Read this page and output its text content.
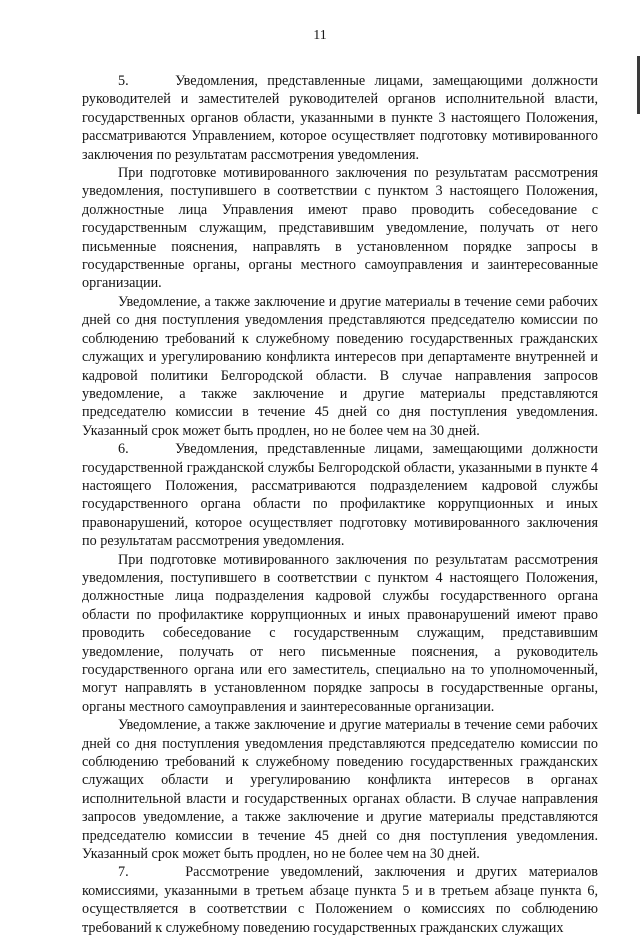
11

5.     Уведомления, представленные лицами, замещающими должности руководителей и заместителей руководителей органов исполнительной власти, государственных органов области, указанными в пункте 3 настоящего Положения, рассматриваются Управлением, которое осуществляет подготовку мотивированного заключения по результатам рассмотрения уведомления.

При подготовке мотивированного заключения по результатам рассмотрения уведомления, поступившего в соответствии с пунктом 3 настоящего Положения, должностные лица Управления имеют право проводить собеседование с государственным служащим, представившим уведомление, получать от него письменные пояснения, направлять в установленном порядке запросы в государственные органы, органы местного самоуправления и заинтересованные организации.

Уведомление, а также заключение и другие материалы в течение семи рабочих дней со дня поступления уведомления представляются председателю комиссии по соблюдению требований к служебному поведению государственных гражданских служащих и урегулированию конфликта интересов при департаменте внутренней и кадровой политики Белгородской области. В случае направления запросов уведомление, а также заключение и другие материалы представляются председателю комиссии в течение 45 дней со дня поступления уведомления. Указанный срок может быть продлен, но не более чем на 30 дней.

6.     Уведомления, представленные лицами, замещающими должности государственной гражданской службы Белгородской области, указанными в пункте 4 настоящего Положения, рассматриваются подразделением кадровой службы государственного органа области по профилактике коррупционных и иных правонарушений, которое осуществляет подготовку мотивированного заключения по результатам рассмотрения уведомления.

При подготовке мотивированного заключения по результатам рассмотрения уведомления, поступившего в соответствии с пунктом 4 настоящего Положения, должностные лица подразделения кадровой службы государственного органа области по профилактике коррупционных и иных правонарушений имеют право проводить собеседование с государственным служащим, представившим уведомление, получать от него письменные пояснения, а руководитель государственного органа или его заместитель, специально на то уполномоченный, могут направлять в установленном порядке запросы в государственные органы, органы местного самоуправления и заинтересованные организации.

Уведомление, а также заключение и другие материалы в течение семи рабочих дней со дня поступления уведомления представляются председателю комиссии по соблюдению требований к служебному поведению государственных гражданских служащих области и урегулированию конфликта интересов в органах исполнительной власти и государственных органах области. В случае направления запросов уведомление, а также заключение и другие материалы представляются председателю комиссии в течение 45 дней со дня поступления уведомления. Указанный срок может быть продлен, но не более чем на 30 дней.

7.     Рассмотрение уведомлений, заключения и других материалов комиссиями, указанными в третьем абзаце пункта 5 и в третьем абзаце пункта 6, осуществляется в соответствии с Положением о комиссиях по соблюдению требований к служебному поведению государственных гражданских служащих
